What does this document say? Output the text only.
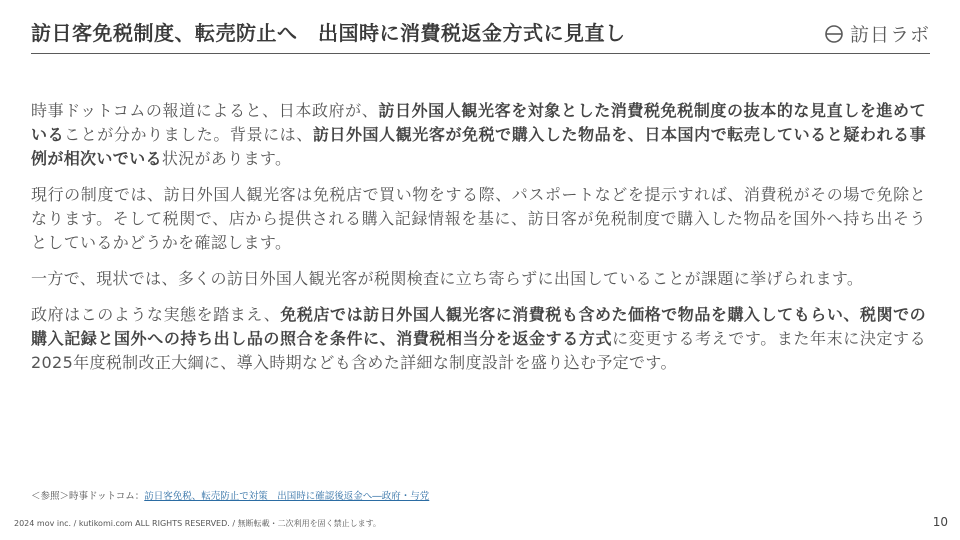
訪日客免税制度、転売防止へ　出国時に消費税返金方式に見直し	訪日ラボ

時事ドットコムの報道によると、日本政府が、訪日外国人観光客を対象とした消費税免税制度の抜本的な見直しを進めていることが分かりました。背景には、訪日外国人観光客が免税で購入した物品を、日本国内で転売していると疑われる事例が相次いでいる状況があります。

現行の制度では、訪日外国人観光客は免税店で買い物をする際、パスポートなどを提示すれば、消費税がその場で免除となります。そして税関で、店から提供される購入記録情報を基に、訪日客が免税制度で購入した物品を国外へ持ち出そうとしているかどうかを確認します。

一方で、現状では、多くの訪日外国人観光客が税関検査に立ち寄らずに出国していることが課題に挙げられます。

政府はこのような実態を踏まえ、免税店では訪日外国人観光客に消費税も含めた価格で物品を購入してもらい、税関での購入記録と国外への持ち出し品の照合を条件に、消費税相当分を返金する方式に変更する考えです。また年末に決定する2025年度税制改正大綱に、導入時期なども含めた詳細な制度設計を盛り込む予定です。

＜参照＞時事ドットコム：訪日客免税、転売防止で対策　出国時に確認後返金へ―政府・与党
2024 mov inc. / kutikomi.com ALL RIGHTS RESERVED. / 無断転載・二次利用を固く禁止します。	10
